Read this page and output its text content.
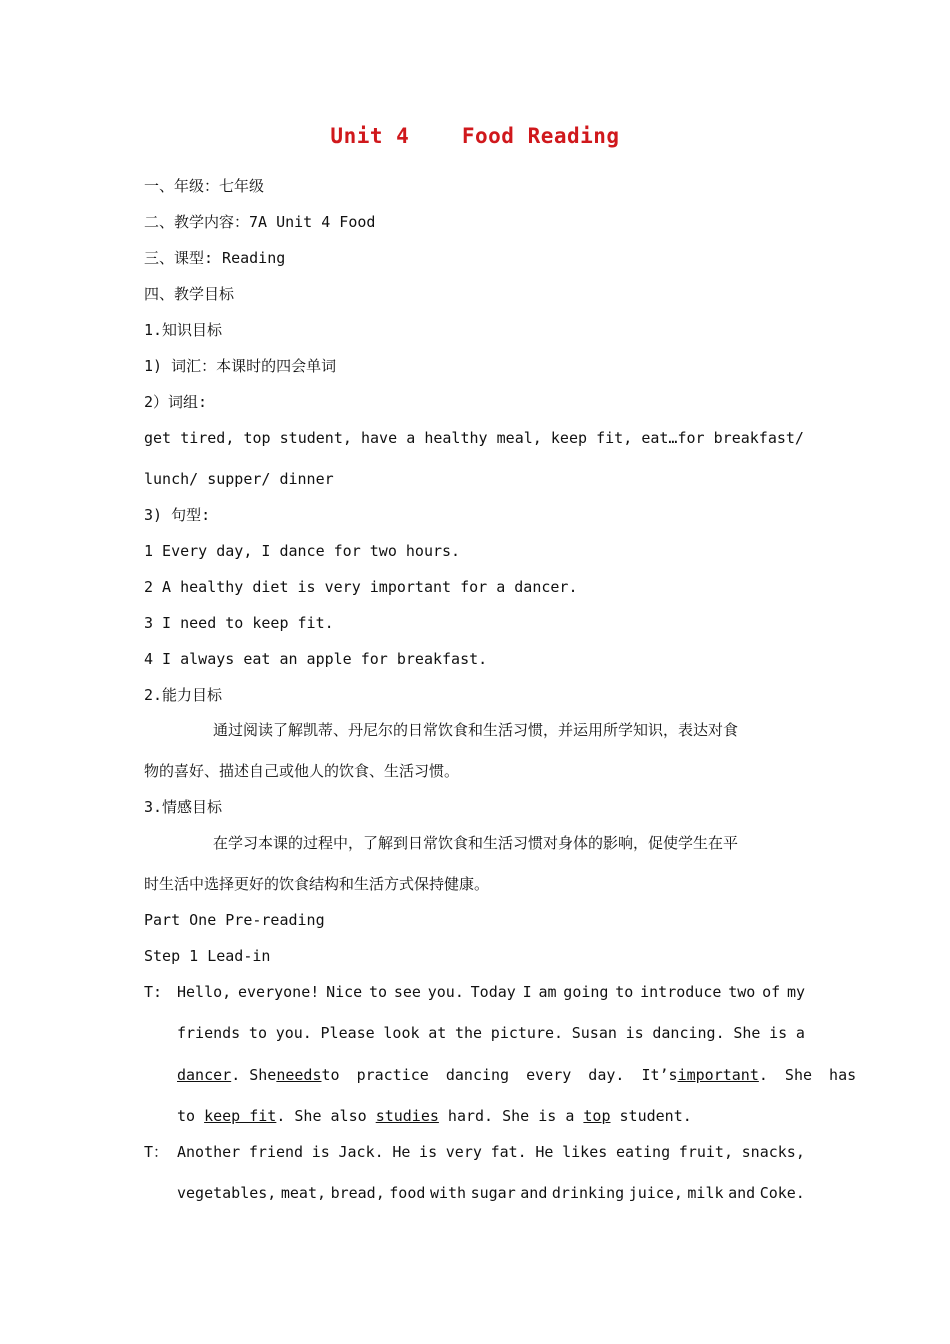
Unit 4    Food Reading
一、年级：七年级
二、教学内容：7A Unit 4 Food
三、课型: Reading
四、教学目标
1.知识目标
1) 词汇：本课时的四会单词
2）词组:
get tired, top student, have a healthy meal, keep fit, eat…for breakfast/
lunch/ supper/ dinner
3) 句型:
1 Every day, I dance for two hours.
2 A healthy diet is very important for a dancer.
3 I need to keep fit.
4 I always eat an apple for breakfast.
2.能力目标
通过阅读了解凯蒂、丹尼尔的日常饮食和生活习惯，并运用所学知识，表达对食
物的喜好、描述自己或他人的饮食、生活习惯。
3.情感目标
在学习本课的过程中，了解到日常饮食和生活习惯对身体的影响，促使学生在平
时生活中选择更好的饮食结构和生活方式保持健康。
Part One Pre-reading
Step 1 Lead-in
T: Hello, everyone! Nice to see you. Today I am going to introduce two of my
friends to you. Please look at the picture. Susan is dancing. She is a
dancer. She needs to practice dancing every day. It’s important. She has
to keep fit. She also studies hard. She is a top student.
T： Another friend is Jack. He is very fat. He likes eating fruit, snacks,
vegetables, meat, bread, food with sugar and drinking juice, milk and Coke.
